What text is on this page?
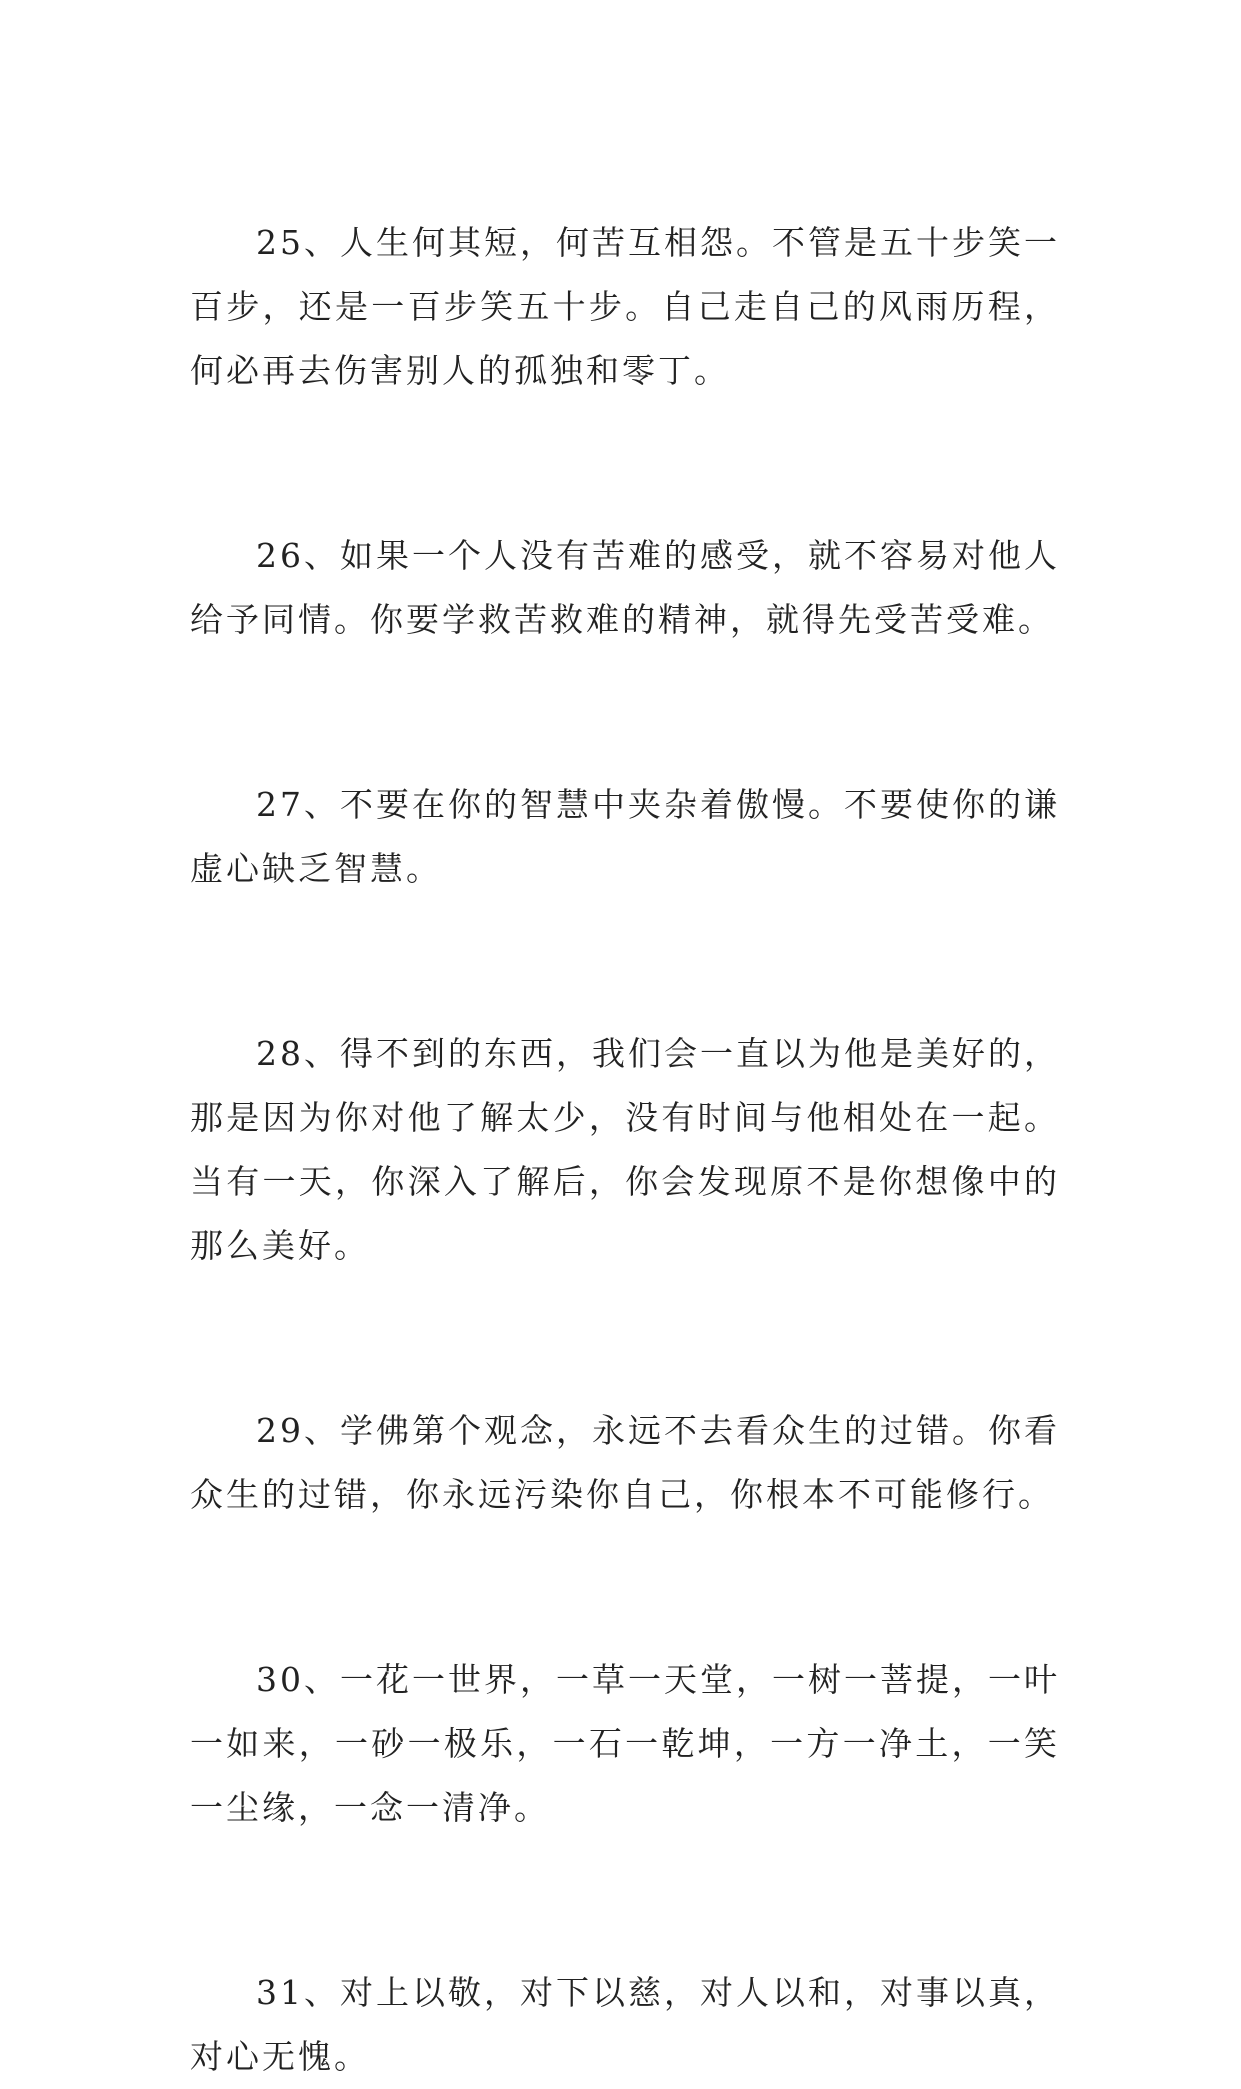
25、人生何其短，何苦互相怨。不管是五十步笑一百步，还是一百步笑五十步。自己走自己的风雨历程，何必再去伤害别人的孤独和零丁。

26、如果一个人没有苦难的感受，就不容易对他人给予同情。你要学救苦救难的精神，就得先受苦受难。

27、不要在你的智慧中夹杂着傲慢。不要使你的谦虚心缺乏智慧。

28、得不到的东西，我们会一直以为他是美好的，那是因为你对他了解太少，没有时间与他相处在一起。当有一天，你深入了解后，你会发现原不是你想像中的那么美好。

29、学佛第个观念，永远不去看众生的过错。你看众生的过错，你永远污染你自己，你根本不可能修行。

30、一花一世界，一草一天堂，一树一菩提，一叶一如来，一砂一极乐，一石一乾坤，一方一净土，一笑一尘缘，一念一清净。

31、对上以敬，对下以慈，对人以和，对事以真，对心无愧。
